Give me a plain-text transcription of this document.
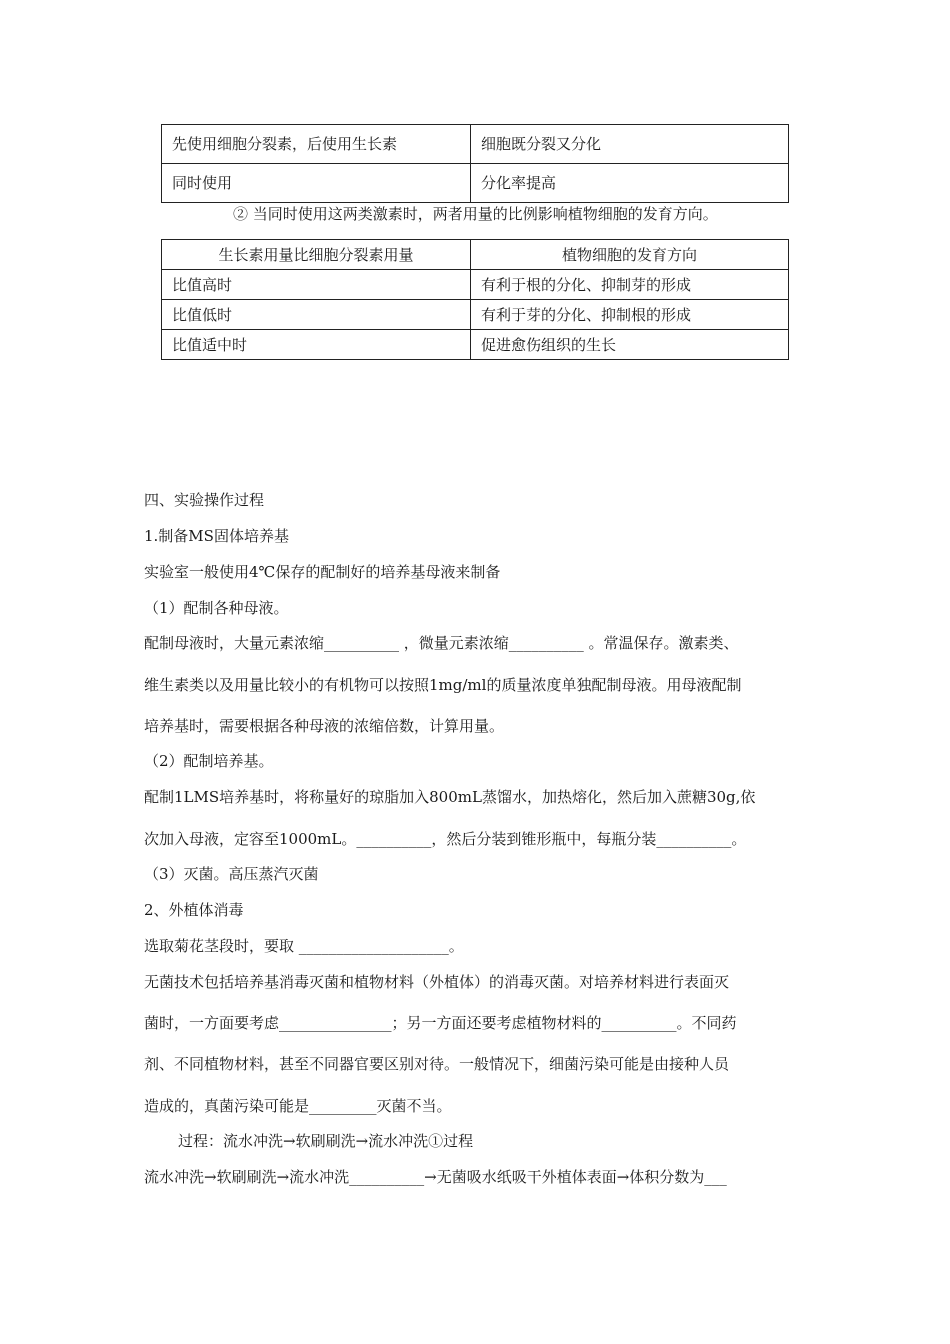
先使用细胞分裂素，后使用生长素	细胞既分裂又分化
同时使用	分化率提高
② 当同时使用这两类激素时，两者用量的比例影响植物细胞的发育方向。
生长素用量比细胞分裂素用量	植物细胞的发育方向
比值高时	有利于根的分化、抑制芽的形成
比值低时	有利于芽的分化、抑制根的形成
比值适中时	促进愈伤组织的生长
四、实验操作过程
1.制备MS固体培养基
实验室一般使用4℃保存的配制好的培养基母液来制备
（1）配制各种母液。
配制母液时，大量元素浓缩__________ ，微量元素浓缩__________ 。常温保存。激素类、
维生素类以及用量比较小的有机物可以按照1mg/ml的质量浓度单独配制母液。用母液配制
培养基时，需要根据各种母液的浓缩倍数，计算用量。
（2）配制培养基。
配制1LMS培养基时，将称量好的琼脂加入800mL蒸馏水，加热熔化，然后加入蔗糖30g,依
次加入母液，定容至1000mL。__________，然后分装到锥形瓶中，每瓶分装__________。
（3）灭菌。高压蒸汽灭菌
2、外植体消毒
选取菊花茎段时，要取 ____________________。
无菌技术包括培养基消毒灭菌和植物材料（外植体）的消毒灭菌。对培养材料进行表面灭
菌时，一方面要考虑_______________；另一方面还要考虑植物材料的__________。不同药
剂、不同植物材料，甚至不同器官要区别对待。一般情况下，细菌污染可能是由接种人员
造成的，真菌污染可能是_________灭菌不当。
过程：流水冲洗→软刷刷洗→流水冲洗①过程
流水冲洗→软刷刷洗→流水冲洗__________→无菌吸水纸吸干外植体表面→体积分数为___
